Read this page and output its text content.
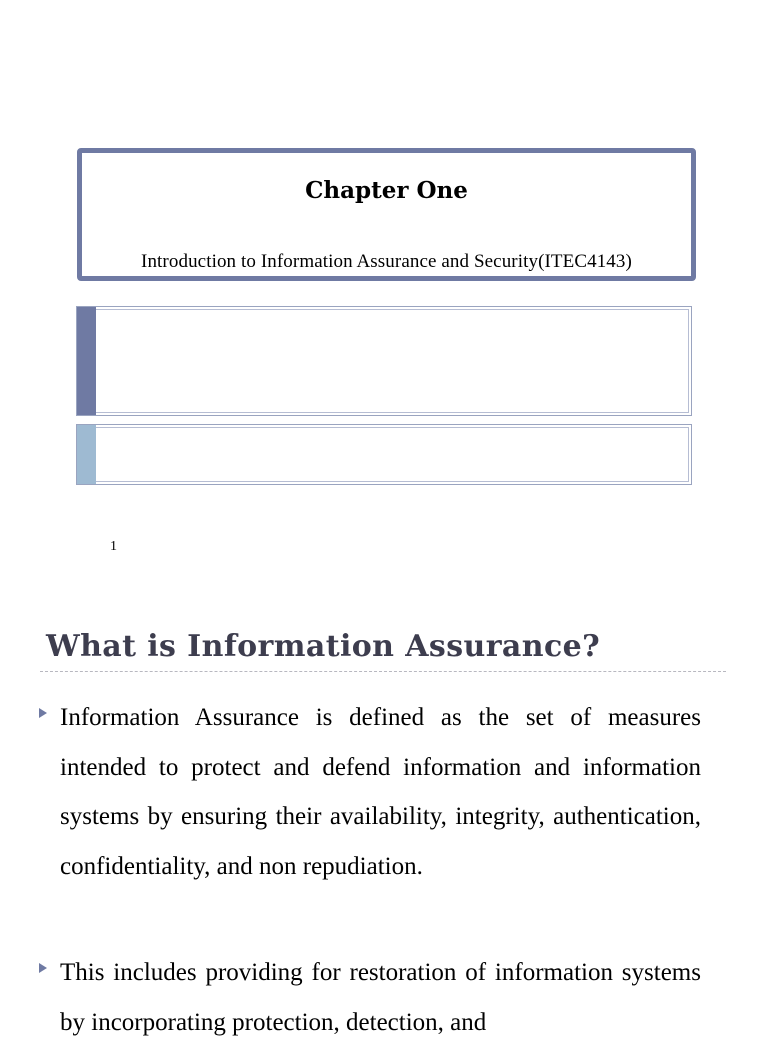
Chapter One
Introduction to Information Assurance and Security(ITEC4143)
1
What is Information Assurance?
Information Assurance is defined as the set of measures intended to protect and defend information and information systems by ensuring their availability, integrity, authentication, confidentiality, and non repudiation.
This includes providing for restoration of information systems by incorporating protection, detection, and
